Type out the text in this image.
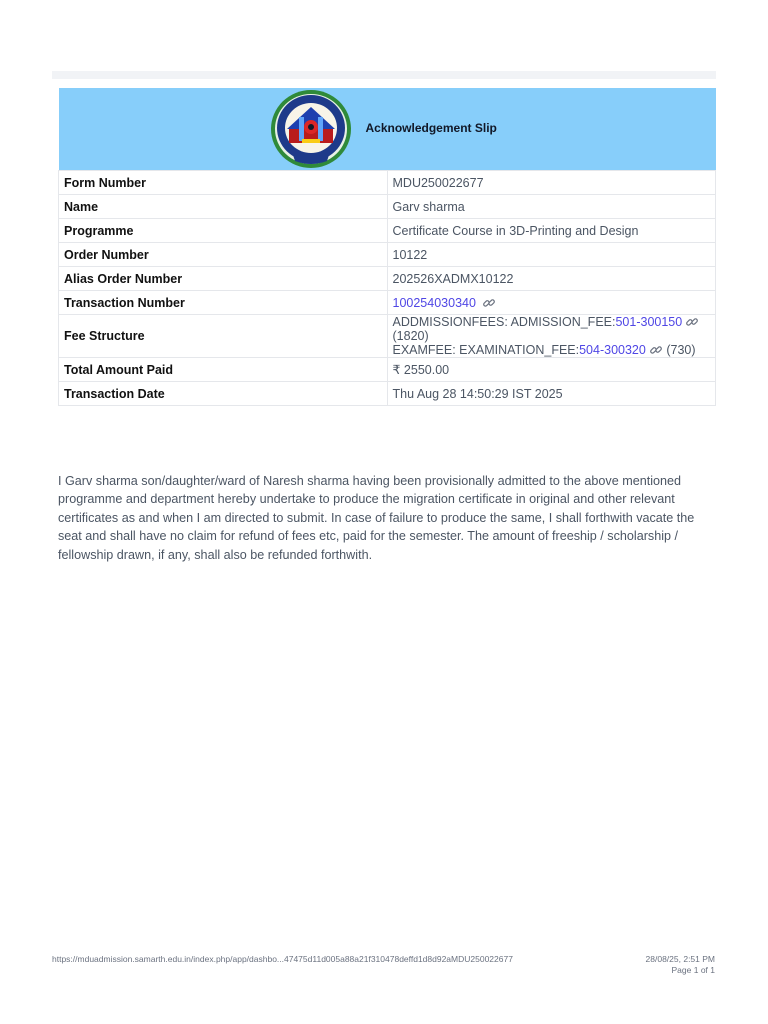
Acknowledgement Slip	

Form Number	MDU250022677
Name	Garv sharma
Programme	Certificate Course in 3D-Printing and Design
Order Number	10122
Alias Order Number	202526XADMX10122
Transaction Number	100254030340
Fee Structure	ADDMISSIONFEES: ADMISSION_FEE:501-300150 (1820)
EXAMFEE: EXAMINATION_FEE:504-300320 (730)

Total Amount Paid	₹ 2550.00
Transaction Date	Thu Aug 28 14:50:29 IST 2025

I Garv sharma son/daughter/ward of Naresh sharma having been provisionally admitted to the above mentioned programme and department hereby undertake to produce the migration certificate in original and other relevant certificates as and when I am directed to submit. In case of failure to produce the same, I shall forthwith vacate the seat and shall have no claim for refund of fees etc, paid for the semester. The amount of freeship / scholarship / fellowship drawn, if any, shall also be refunded forthwith.

https://mduadmission.samarth.edu.in/index.php/app/dashbo...47475d11d005a88a21f310478deffd1d8d92aMDU250022677	28/08/25, 2:51 PM
Page 1 of 1
